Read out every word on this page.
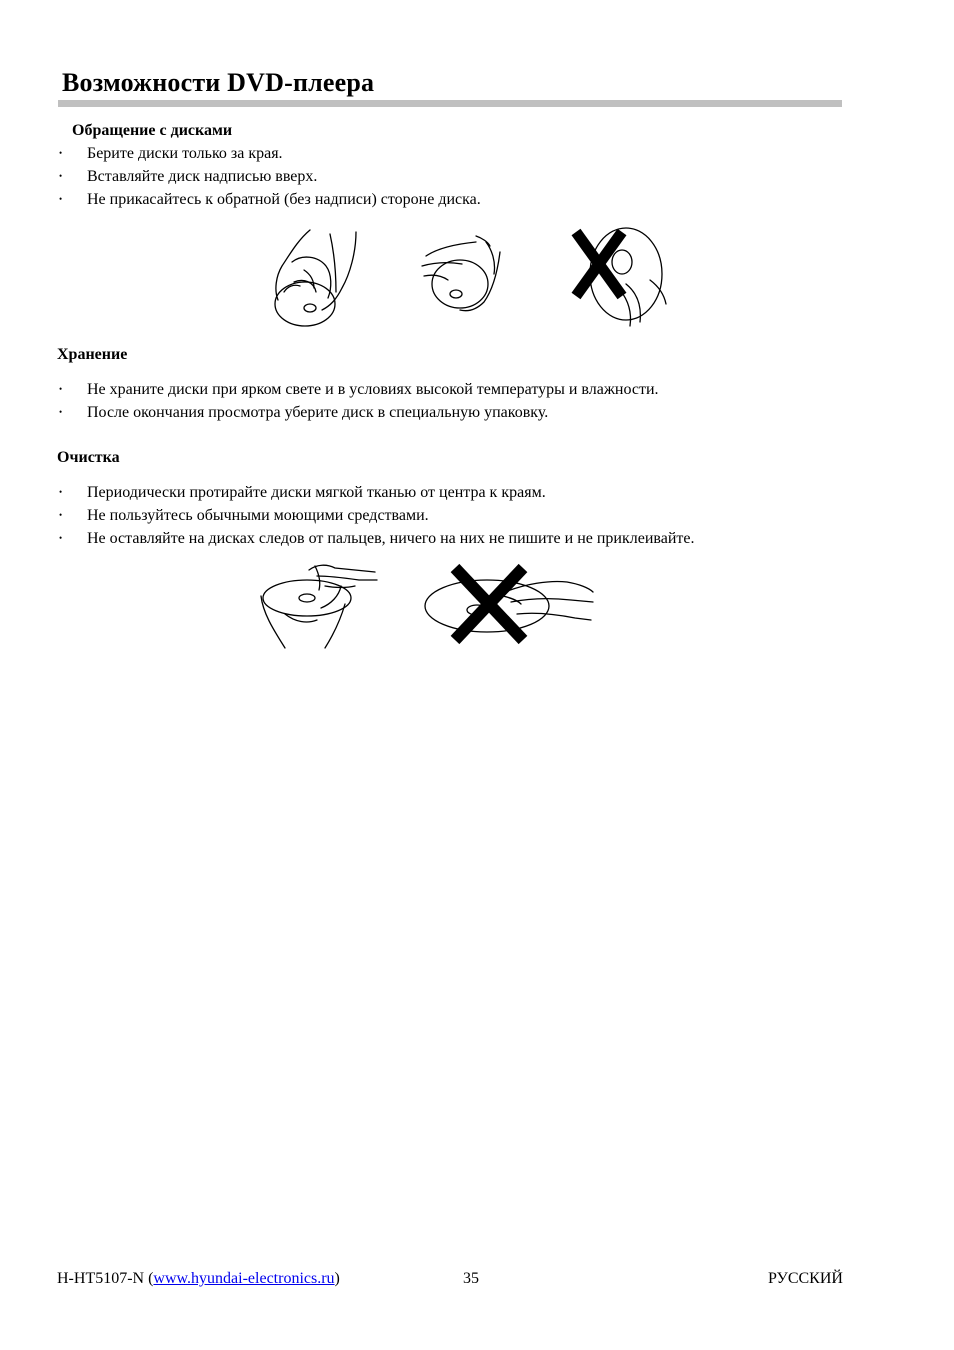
Возможности DVD-плеера
Обращение с дисками
• Берите диски только за края.
• Вставляйте диск надписью вверх.
• Не прикасайтесь к обратной (без надписи) стороне диска.
Хранение
• Не храните диски при ярком свете и в условиях высокой температуры и влажности.
• После окончания просмотра уберите диск в специальную упаковку.
Очистка
• Периодически протирайте диски мягкой тканью от центра к краям.
• Не пользуйтесь обычными моющими средствами.
• Не оставляйте на дисках следов от пальцев, ничего на них не пишите и не приклеивайте.
H-HT5107-N (www.hyundai-electronics.ru)	35	РУССКИЙ
